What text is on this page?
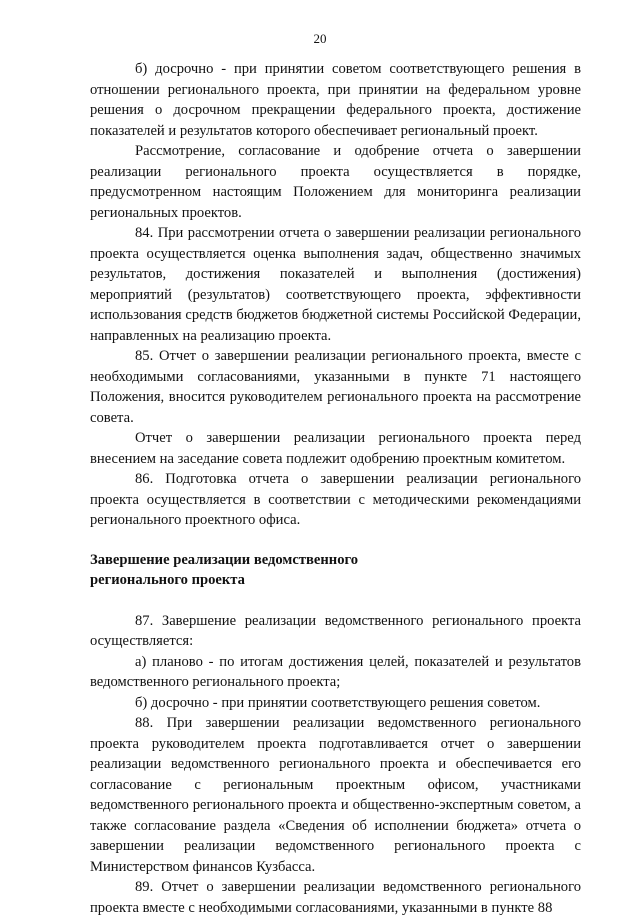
20

б) досрочно - при принятии советом соответствующего решения в отношении регионального проекта, при принятии на федеральном уровне решения о досрочном прекращении федерального проекта, достижение показателей и результатов которого обеспечивает региональный проект.

Рассмотрение, согласование и одобрение отчета о завершении реализации регионального проекта осуществляется в порядке, предусмотренном настоящим Положением для мониторинга реализации региональных проектов.

84. При рассмотрении отчета о завершении реализации регионального проекта осуществляется оценка выполнения задач, общественно значимых результатов, достижения показателей и выполнения (достижения) мероприятий (результатов) соответствующего проекта, эффективности использования средств бюджетов бюджетной системы Российской Федерации, направленных на реализацию проекта.

85. Отчет о завершении реализации регионального проекта, вместе с необходимыми согласованиями, указанными в пункте 71 настоящего Положения, вносится руководителем регионального проекта на рассмотрение совета.

Отчет о завершении реализации регионального проекта перед внесением на заседание совета подлежит одобрению проектным комитетом.

86. Подготовка отчета о завершении реализации регионального проекта осуществляется в соответствии с методическими рекомендациями регионального проектного офиса.

Завершение реализации ведомственного

регионального проекта

87. Завершение реализации ведомственного регионального проекта осуществляется:

а) планово - по итогам достижения целей, показателей и результатов ведомственного регионального проекта;

б) досрочно - при принятии соответствующего решения советом.

88. При завершении реализации ведомственного регионального проекта руководителем проекта подготавливается отчет о завершении реализации ведомственного регионального проекта и обеспечивается его согласование с региональным проектным офисом, участниками ведомственного регионального проекта и общественно-экспертным советом, а также согласование раздела «Сведения об исполнении бюджета» отчета о завершении реализации ведомственного регионального проекта с Министерством финансов Кузбасса.

89. Отчет о завершении реализации ведомственного регионального проекта вместе с необходимыми согласованиями, указанными в пункте 88
